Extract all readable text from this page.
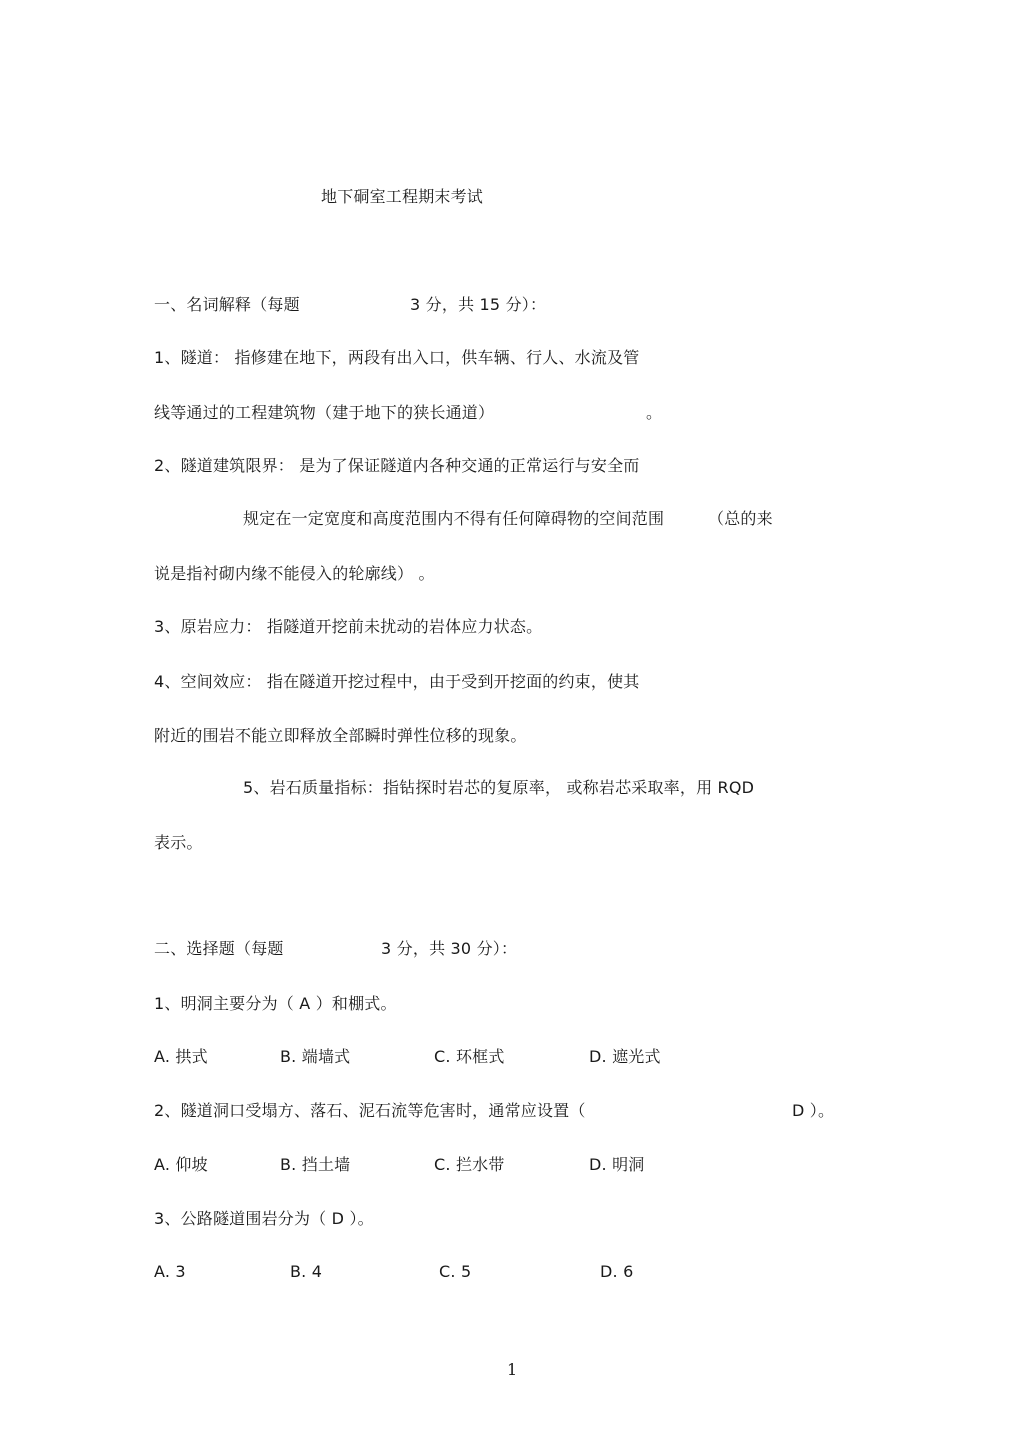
地下硐室工程期末考试
一、名词解释（每题	3 分，共 15 分）：
1、隧道： 指修建在地下，两段有出入口，供车辆、行人、水流及管
线等通过的工程建筑物（建于地下的狭长通道）	。
2、隧道建筑限界： 是为了保证隧道内各种交通的正常运行与安全而
规定在一定宽度和高度范围内不得有任何障碍物的空间范围	（总的来
说是指衬砌内缘不能侵入的轮廓线） 。
3、原岩应力： 指隧道开挖前未扰动的岩体应力状态。
4、空间效应： 指在隧道开挖过程中，由于受到开挖面的约束，使其
附近的围岩不能立即释放全部瞬时弹性位移的现象。
5、岩石质量指标：指钻探时岩芯的复原率， 或称岩芯采取率，用 RQD
表示。
二、选择题（每题	3 分，共 30 分）：
1、明洞主要分为（ A ）和棚式。
A. 拱式	B. 端墙式	C. 环框式	D. 遮光式
2、隧道洞口受塌方、落石、泥石流等危害时，通常应设置（	D ）。
A. 仰坡	B. 挡土墙	C. 拦水带	D. 明洞
3、公路隧道围岩分为（ D ）。
A. 3	B. 4	C. 5	D. 6
1
